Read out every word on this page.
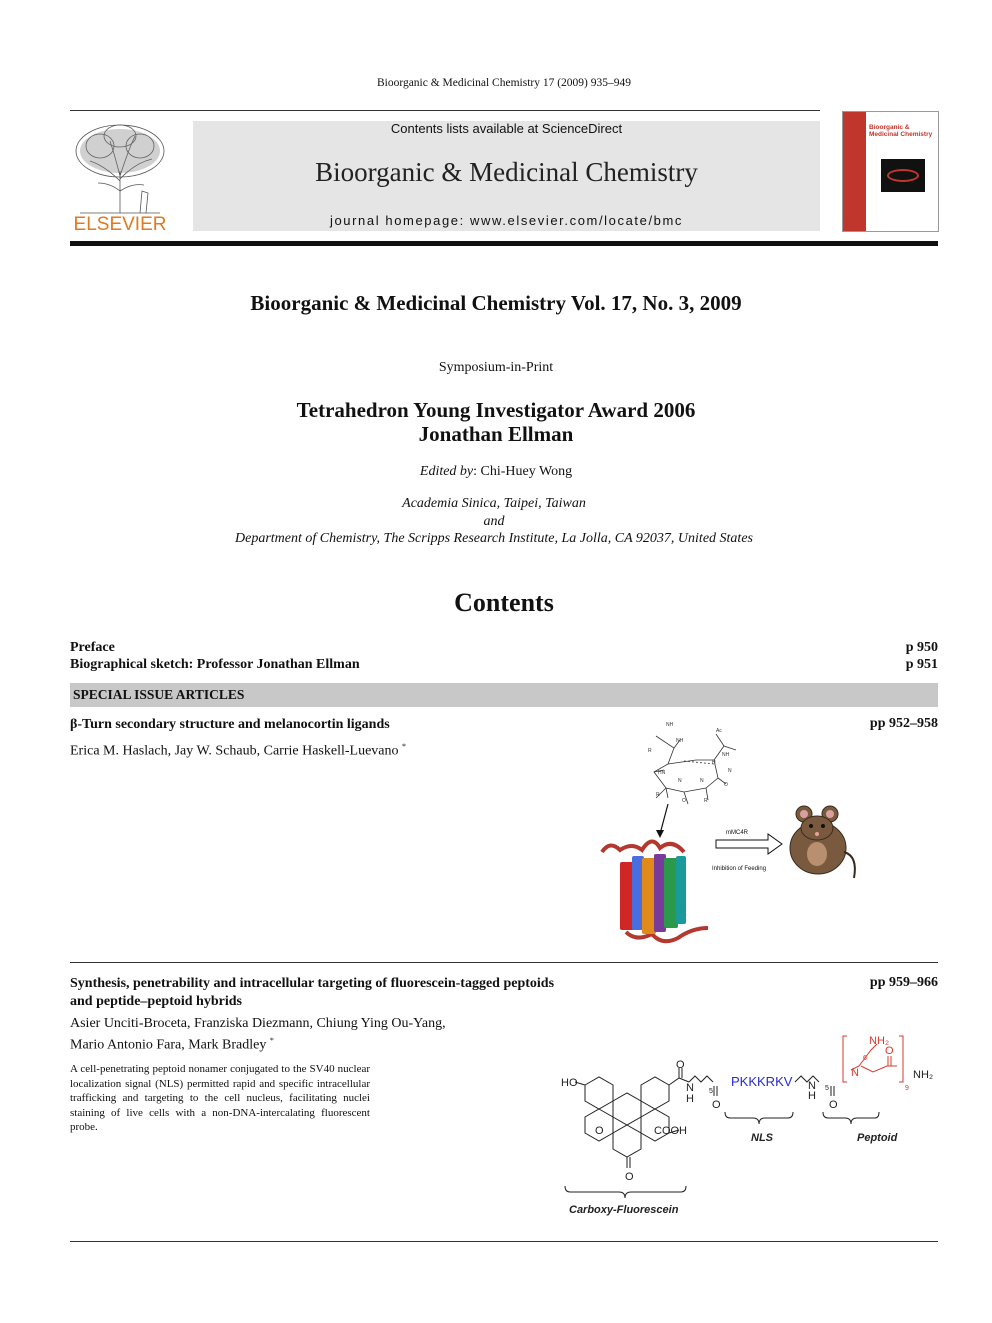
Bioorganic & Medicinal Chemistry 17 (2009) 935–949
ELSEVIER
Contents lists available at ScienceDirect
Bioorganic & Medicinal Chemistry
journal homepage: www.elsevier.com/locate/bmc
Bioorganic & Medicinal Chemistry
Bioorganic & Medicinal Chemistry Vol. 17, No. 3, 2009
Symposium-in-Print
Tetrahedron Young Investigator Award 2006
Jonathan Ellman
Edited by: Chi-Huey Wong
Academia Sinica, Taipei, Taiwan
and
Department of Chemistry, The Scripps Research Institute, La Jolla, CA 92037, United States
Contents
Preface	p 950
Biographical sketch: Professor Jonathan Ellman	p 951
SPECIAL ISSUE ARTICLES
β-Turn secondary structure and melanocortin ligands
Erica M. Haslach, Jay W. Schaub, Carrie Haskell-Luevano *
pp 952–958
NH
Ac
R
NH
NH
N
HN
N	N
O
R
O	R
H
mMC4R
Inhibition of Feeding
Synthesis, penetrability and intracellular targeting of fluorescein-tagged peptoids
and peptide–peptoid hybrids
pp 959–966
Asier Unciti-Broceta, Franziska Diezmann, Chiung Ying Ou-Yang,
Mario Antonio Fara, Mark Bradley *
A cell-penetrating peptoid nonamer conjugated to the SV40 nuclear localization signal (NLS) permitted rapid and specific intracellular trafficking and targeting to the cell nucleus, facilitating nuclei staining of live cells with a non-DNA-intercalating fluorescent probe.
HO
O
O
COOH
O
N
H
5
O
PKKKRKV N
H
5
O
NH₂
6
N
O
9
NH₂
NLS	Peptoid
Carboxy-Fluorescein
